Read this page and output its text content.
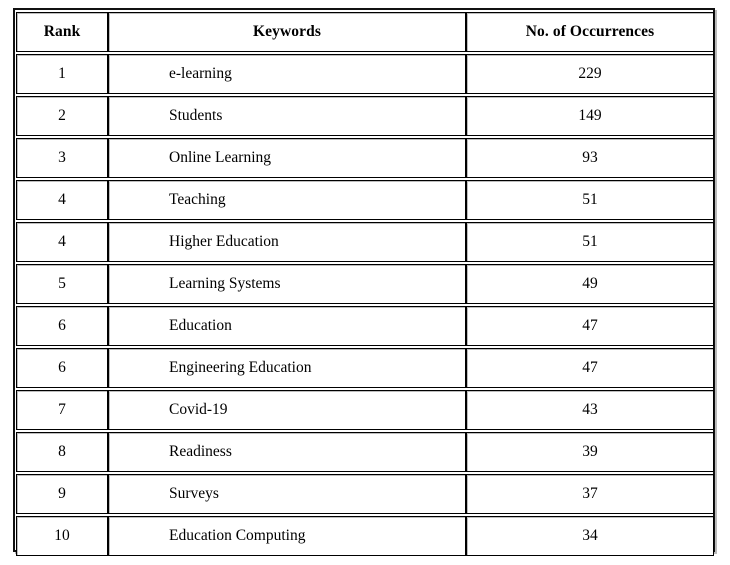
Rank	Keywords	No. of Occurrences

1	e-learning	229

2	Students	149

3	Online Learning	93

4	Teaching	51

4	Higher Education	51

5	Learning Systems	49

6	Education	47

6	Engineering Education	47

7	Covid-19	43

8	Readiness	39

9	Surveys	37

10	Education Computing	34
